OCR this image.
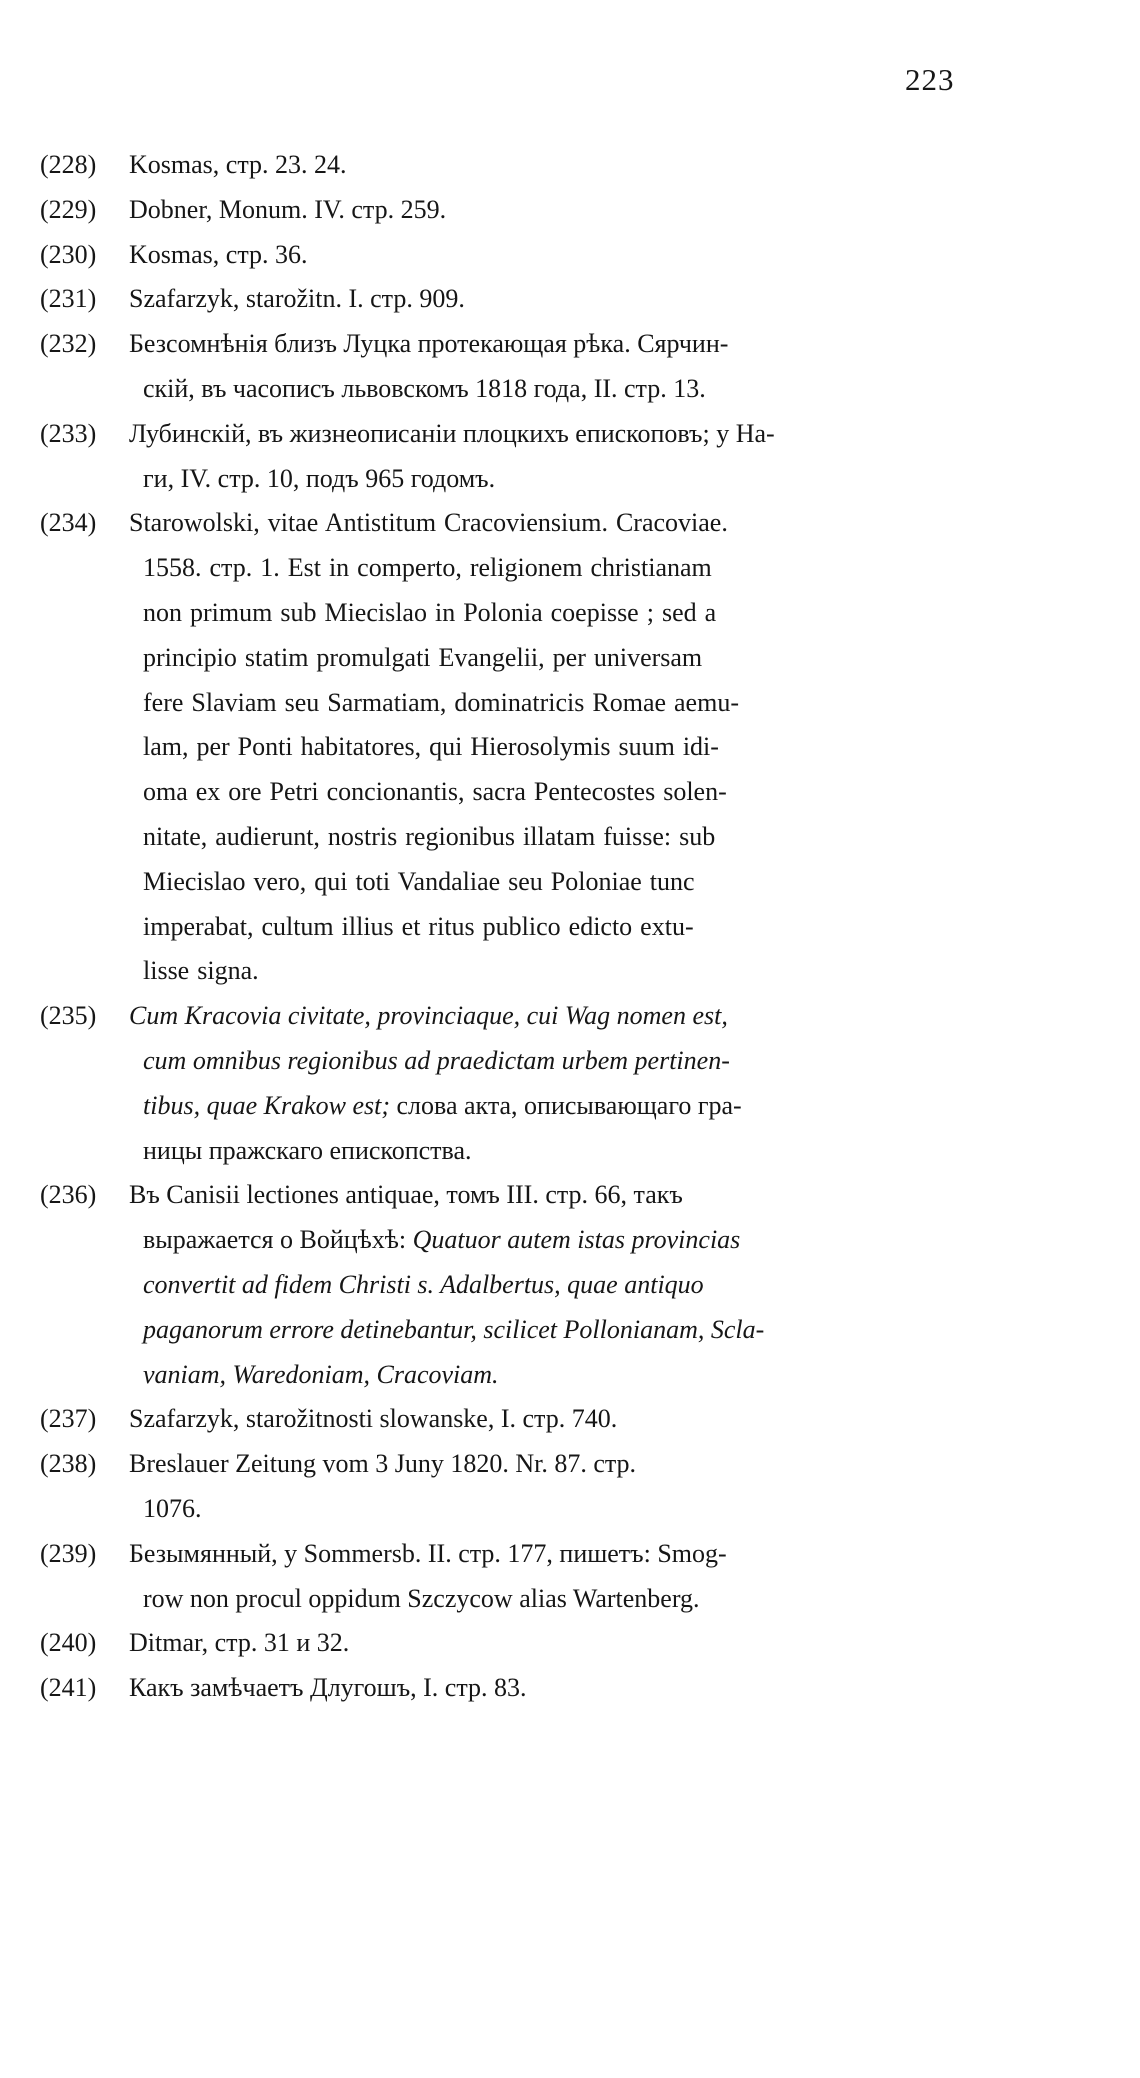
223
(228) Kosmas, стр. 23. 24.
(229) Dobner, Monum. IV. стр. 259.
(230) Kosmas, стр. 36.
(231) Szafarzyk, starožitn. I. стр. 909.
(232) Безсомнѣнія близъ Луцка протекающая рѣка. Сярчин-
скій, въ часописъ львовскомъ 1818 года, II. стр. 13.
(233) Лубинскій, въ жизнеописаніи плоцкихъ епископовъ; у На-
ги, IV. стр. 10, подъ 965 годомъ.
(234) Starowolski, vitae Antistitum Cracoviensium. Cracoviae.
1558. стр. 1. Est in comperto, religionem christianam
non primum sub Miecislao in Polonia coepisse ; sed a
principio statim promulgati Evangelii, per universam
fere Slaviam seu Sarmatiam, dominatricis Romae aemu-
lam, per Ponti habitatores, qui Hierosolymis suum idi-
oma ex ore Petri concionantis, sacra Pentecostes solen-
nitate, audierunt, nostris regionibus illatam fuisse: sub
Miecislao vero, qui toti Vandaliae seu Poloniae tunc
imperabat, cultum illius et ritus publico edicto extu-
lisse signa.
(235) Cum Kracovia civitate, provinciaque, cui Wag nomen est,
cum omnibus regionibus ad praedictam urbem pertinen-
tibus, quae Krakow est; слова акта, описывающаго гра-
ницы пражскаго епископства.
(236) Въ Canisii lectiones antiquae, томъ III. стр. 66, такъ
выражается о Войцѣхѣ: Quatuor autem istas provincias
convertit ad fidem Christi s. Adalbertus, quae antiquo
paganorum errore detinebantur, scilicet Pollonianam, Scla-
vaniam, Waredoniam, Cracoviam.
(237) Szafarzyk, starožitnosti slowanske, I. стр. 740.
(238) Breslauer Zeitung vom 3 Juny 1820. Nr. 87. стр.
1076.
(239) Безымянный, у Sommersb. II. стр. 177, пишетъ: Smog-
row non procul oppidum Szczycow alias Wartenberg.
(240) Ditmar, стр. 31 и 32.
(241) Какъ замѣчаетъ Длугошъ, I. стр. 83.
